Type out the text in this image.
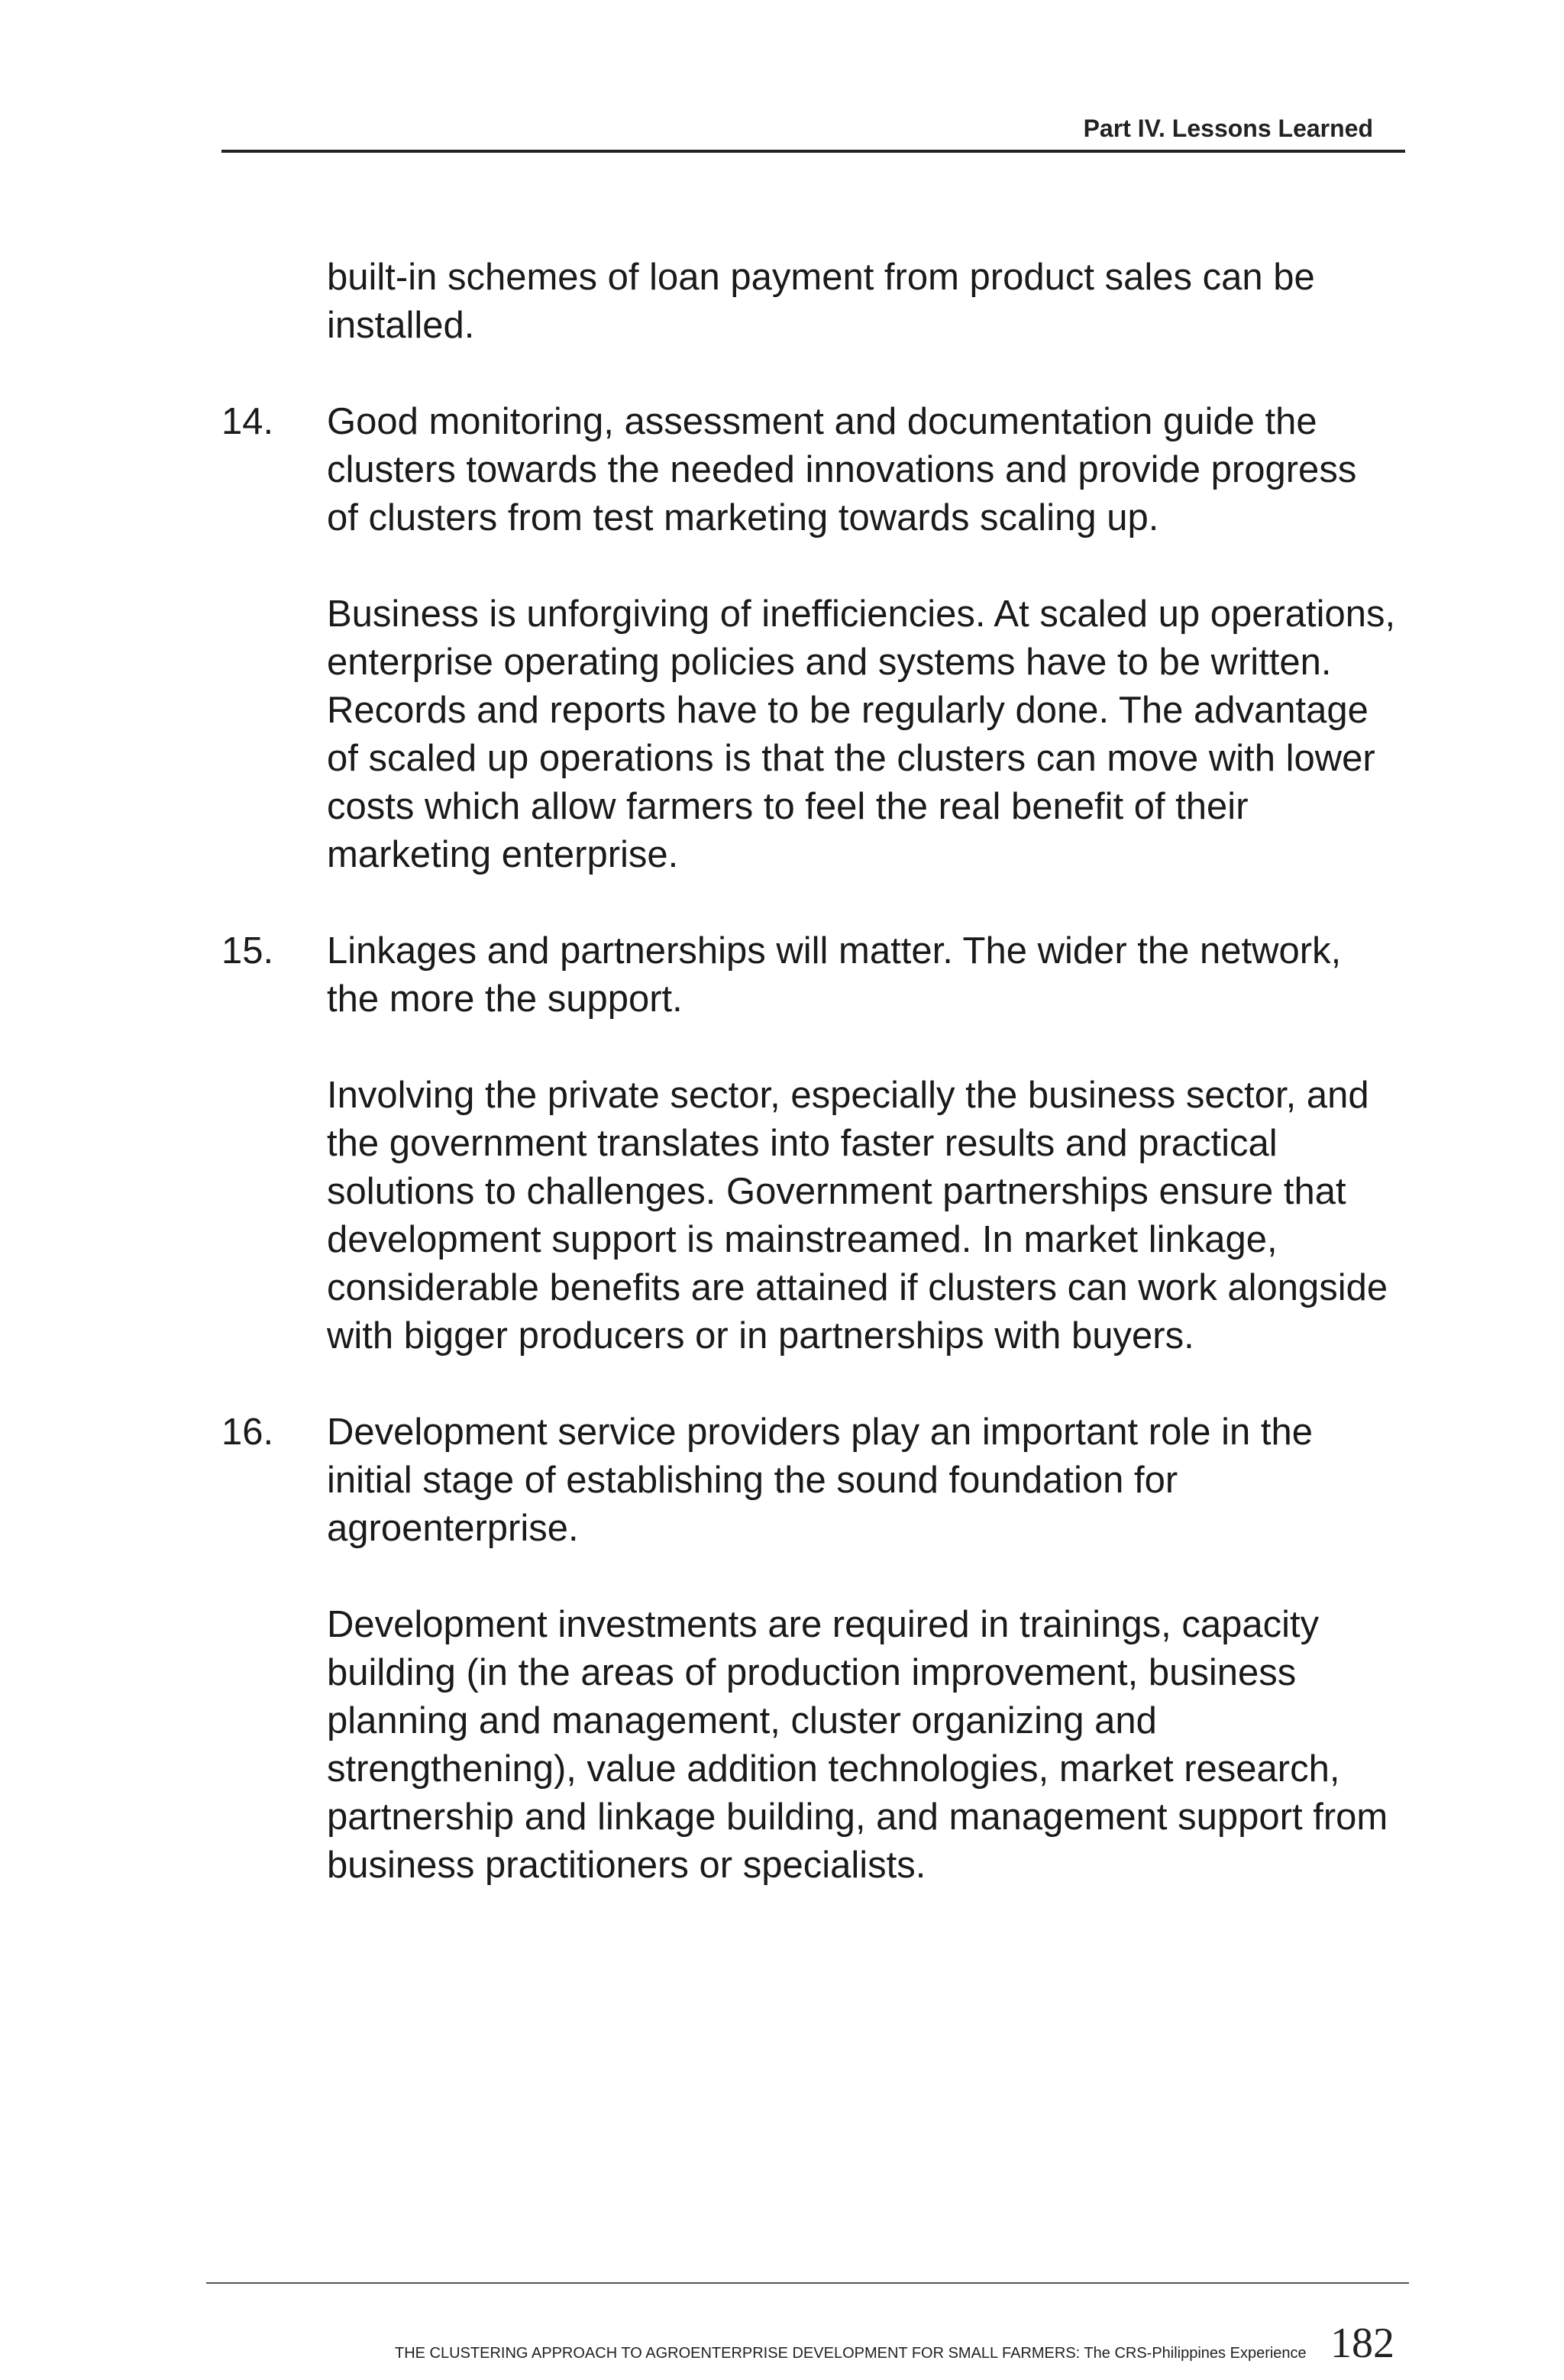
Part IV. Lessons Learned
built-in schemes of loan payment from product sales can be installed.
14.	Good monitoring, assessment and documentation guide the clusters towards the needed innovations and provide progress of clusters from test marketing towards scaling up.
Business is unforgiving of inefficiencies. At scaled up operations, enterprise operating policies and systems have to be written. Records and reports have to be regularly done. The advantage of scaled up operations is that the clusters can move with lower costs which allow farmers to feel the real benefit of their marketing enterprise.
15.	Linkages and partnerships will matter. The wider the network, the more the support.
Involving the private sector, especially the business sector, and the government translates into faster results and practical solutions to challenges. Government partnerships ensure that development support is mainstreamed. In market linkage, considerable benefits are attained if clusters can work alongside with bigger producers or in partnerships with buyers.
16.	Development service providers play an important role in the initial stage of establishing the sound foundation for agroenterprise.
Development investments are required in trainings, capacity building (in the areas of production improvement, business planning and management, cluster organizing and strengthening), value addition technologies, market research, partnership and linkage building, and management support from business practitioners or specialists.
THE CLUSTERING APPROACH TO AGROENTERPRISE DEVELOPMENT FOR SMALL FARMERS: The CRS-Philippines Experience 182
